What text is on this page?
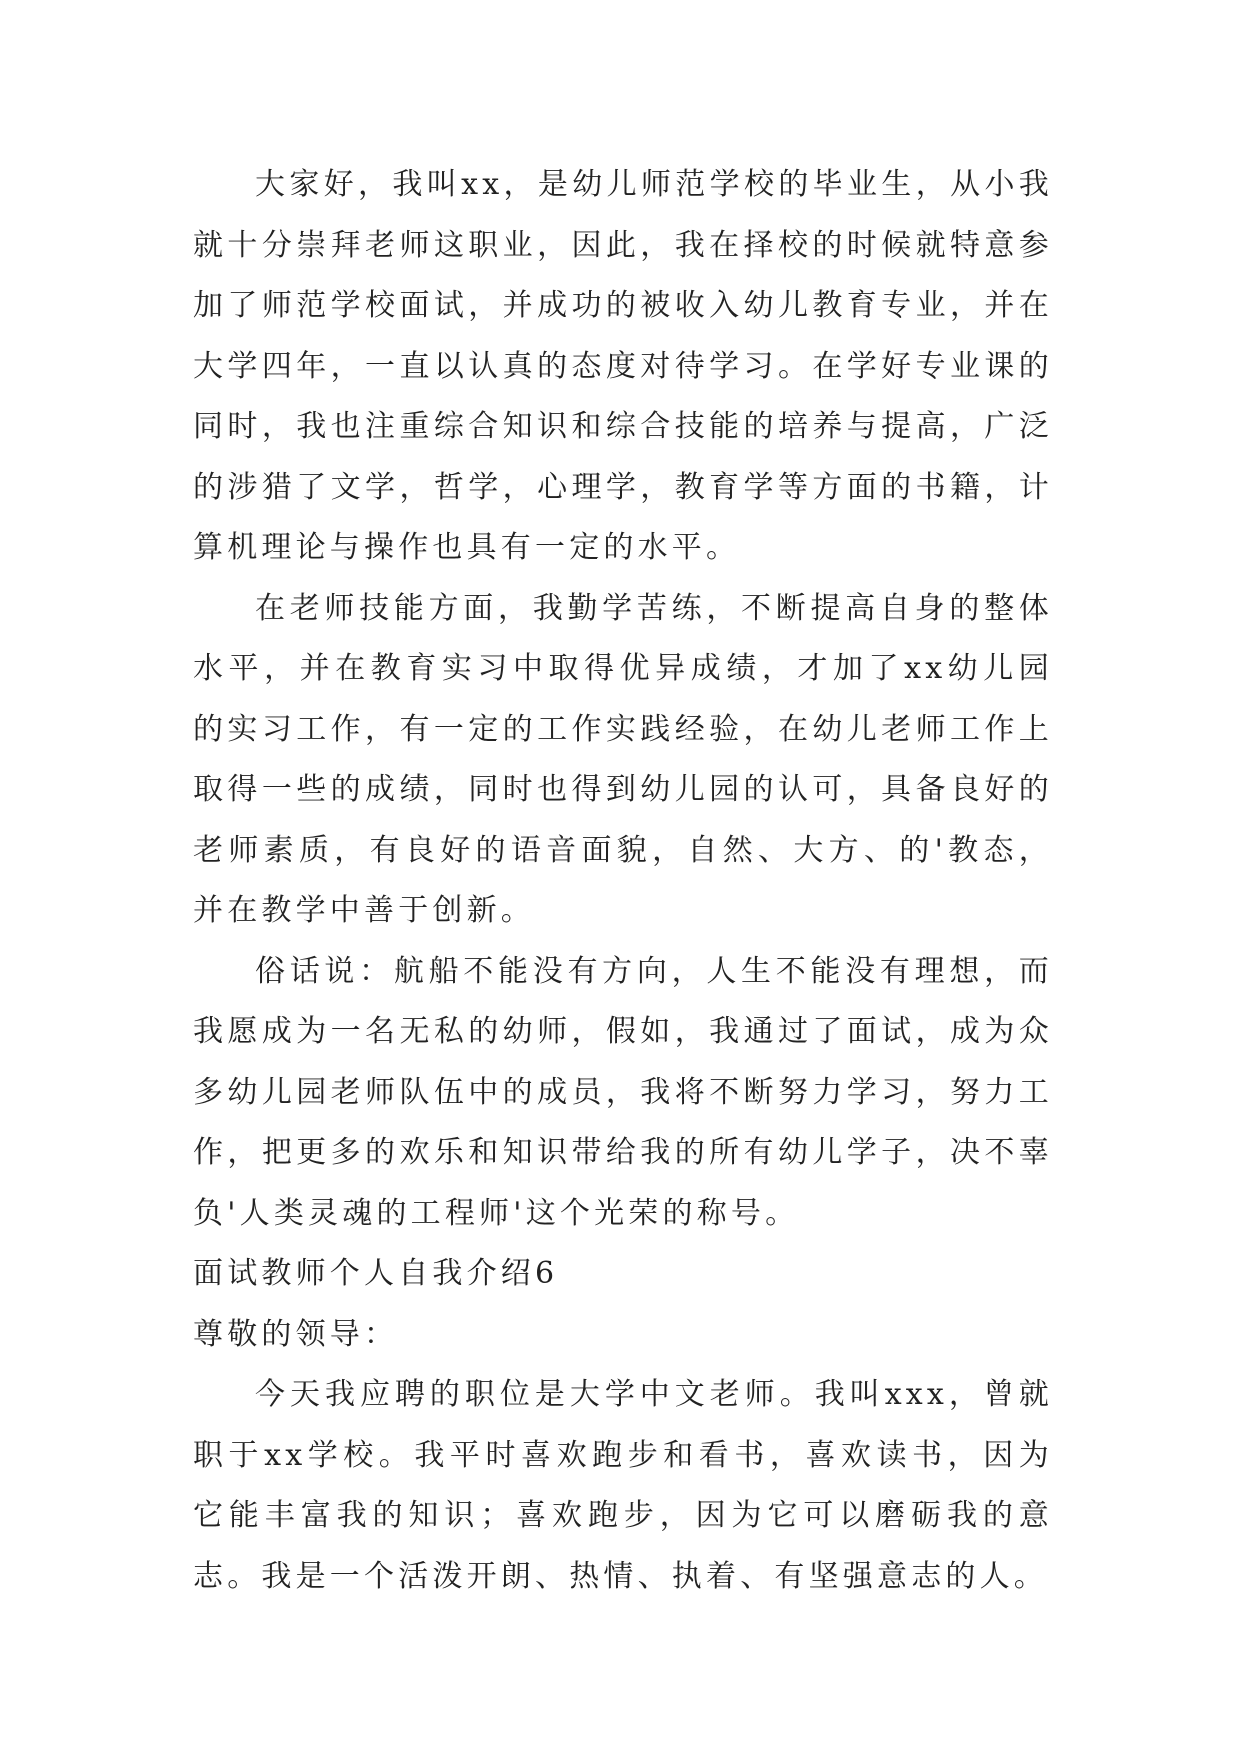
大家好，我叫xx，是幼儿师范学校的毕业生，从小我就十分崇拜老师这职业，因此，我在择校的时候就特意参加了师范学校面试，并成功的被收入幼儿教育专业，并在大学四年，一直以认真的态度对待学习。在学好专业课的同时，我也注重综合知识和综合技能的培养与提高，广泛的涉猎了文学，哲学，心理学，教育学等方面的书籍，计算机理论与操作也具有一定的水平。

在老师技能方面，我勤学苦练，不断提高自身的整体水平，并在教育实习中取得优异成绩，才加了xx幼儿园的实习工作，有一定的工作实践经验，在幼儿老师工作上取得一些的成绩，同时也得到幼儿园的认可，具备良好的老师素质，有良好的语音面貌，自然、大方、的'教态，并在教学中善于创新。

俗话说：航船不能没有方向，人生不能没有理想，而我愿成为一名无私的幼师，假如，我通过了面试，成为众多幼儿园老师队伍中的成员，我将不断努力学习，努力工作，把更多的欢乐和知识带给我的所有幼儿学子，决不辜负'人类灵魂的工程师'这个光荣的称号。

面试教师个人自我介绍6

尊敬的领导：

今天我应聘的职位是大学中文老师。我叫xxx，曾就职于xx学校。我平时喜欢跑步和看书，喜欢读书，因为它能丰富我的知识；喜欢跑步，因为它可以磨砺我的意志。我是一个活泼开朗、热情、执着、有坚强意志的人。
